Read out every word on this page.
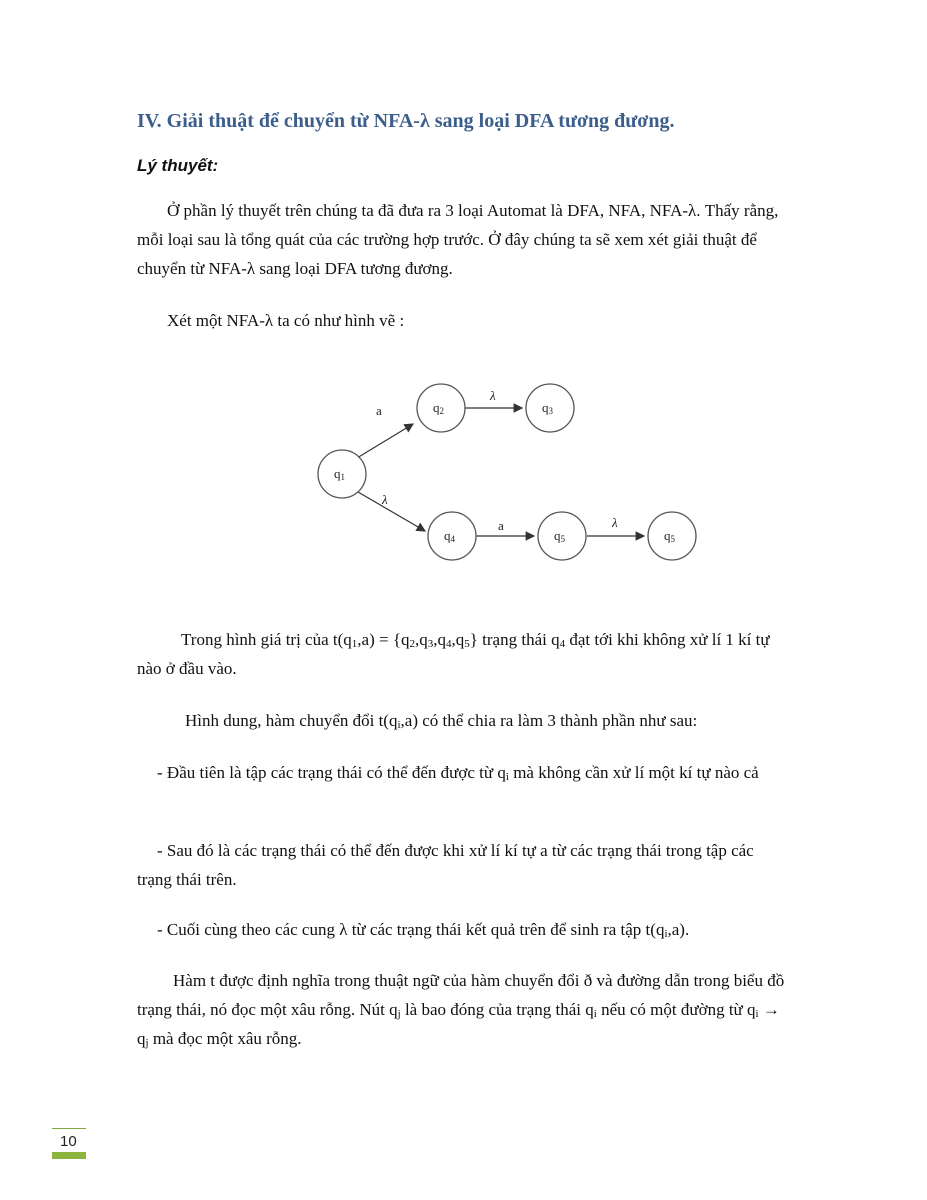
IV. Giải thuật để chuyển từ NFA-λ sang loại DFA tương đương.
Lý thuyết:

Ở phần lý thuyết trên chúng ta đã đưa ra 3 loại Automat là DFA, NFA, NFA-λ. Thấy rằng, mỗi loại sau là tổng quát của các trường hợp trước. Ở đây chúng ta sẽ xem xét giải thuật để chuyển từ NFA-λ sang loại DFA tương đương.

Xét một NFA-λ ta có như hình vẽ :

a
λ
λ
a	λ
q1
q2	q3
q4	q5	q5

Trong hình giá trị của $t(q_1,a) = \{q_2,q_3,q_4,q_5\}$ trạng thái $q_4$ đạt tới khi không xử lí 1 kí tự nào ở đầu vào.

Hình dung, hàm chuyển đổi $t(q_i,a)$ có thể chia ra làm 3 thành phần như sau:

- Đầu tiên là tập các trạng thái có thể đến được từ $q_i$ mà không cần xử lí một kí tự nào cả

- Sau đó là các trạng thái có thể đến được khi xử lí kí tự a từ các trạng thái trong tập các trạng thái trên.

- Cuối cùng theo các cung λ từ các trạng thái kết quả trên để sinh ra tập $t(q_i,a)$.

Hàm t được định nghĩa trong thuật ngữ của hàm chuyển đổi ð và đường dẫn trong biểu đồ trạng thái, nó đọc một xâu rỗng. Nút $q_j$ là bao đóng của trạng thái $q_i$ nếu có một đường từ $q_i \to q_j$ mà đọc một xâu rỗng.

10
